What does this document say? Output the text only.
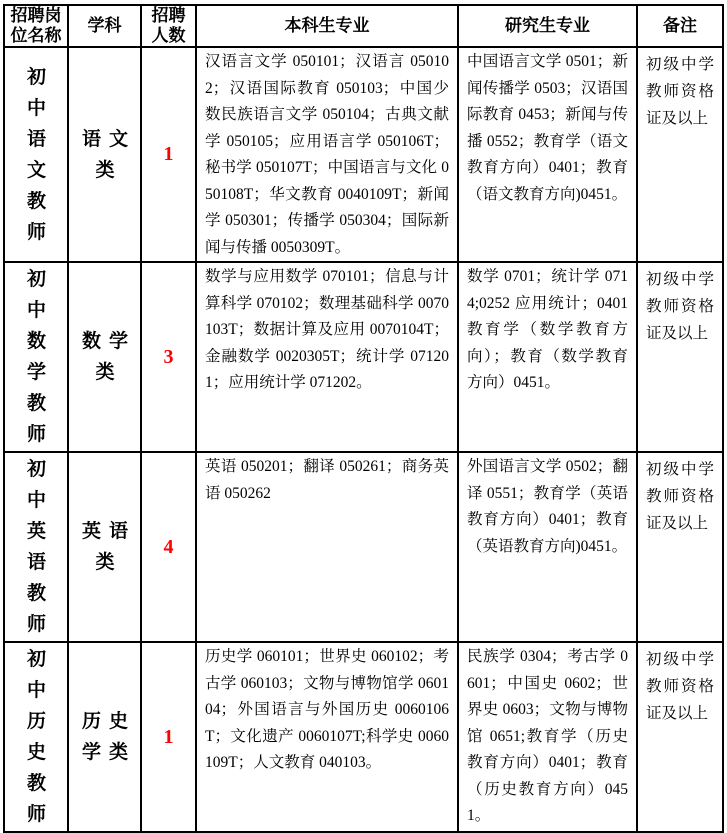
招聘岗位名称	学科	招聘人数	本科生专业	研究生专业	备注
初中语文教师	语文类	1	汉语言文学 050101；汉语言 050102；汉语国际教育 050103；中国少数民族语言文学 050104；古典文献学 050105；应用语言学 050106T；秘书学 050107T；中国语言与文化 050108T；华文教育 0040109T；新闻学 050301；传播学 050304；国际新闻与传播 0050309T。	中国语言文学 0501；新闻传播学 0503；汉语国际教育 0453；新闻与传播 0552；教育学（语文教育方向）0401；教育（语文教育方向)0451。	初级中学教师资格证及以上
初中数学教师	数学类	3	数学与应用数学 070101；信息与计算科学 070102；数理基础科学 0070103T；数据计算及应用 0070104T；金融数学 0020305T；统计学 071201；应用统计学 071202。	数学 0701；统计学 0714;0252 应用统计；0401 教育学（数学教育方向）；教育（数学教育方向）0451。	初级中学教师资格证及以上
初中英语教师	英语类	4	英语 050201；翻译 050261；商务英语 050262	外国语言文学 0502；翻译 0551；教育学（英语教育方向）0401；教育（英语教育方向)0451。	初级中学教师资格证及以上
初中历史教师	历史学类	1	历史学 060101；世界史 060102；考古学 060103；文物与博物馆学 060104；外国语言与外国历史 0060106T；文化遗产 0060107T;科学史 0060109T；人文教育 040103。	民族学 0304；考古学 0601；中国史 0602；世界史 0603；文物与博物馆 0651;教育学（历史教育方向）0401；教育（历史教育方向）0451。	初级中学教师资格证及以上
